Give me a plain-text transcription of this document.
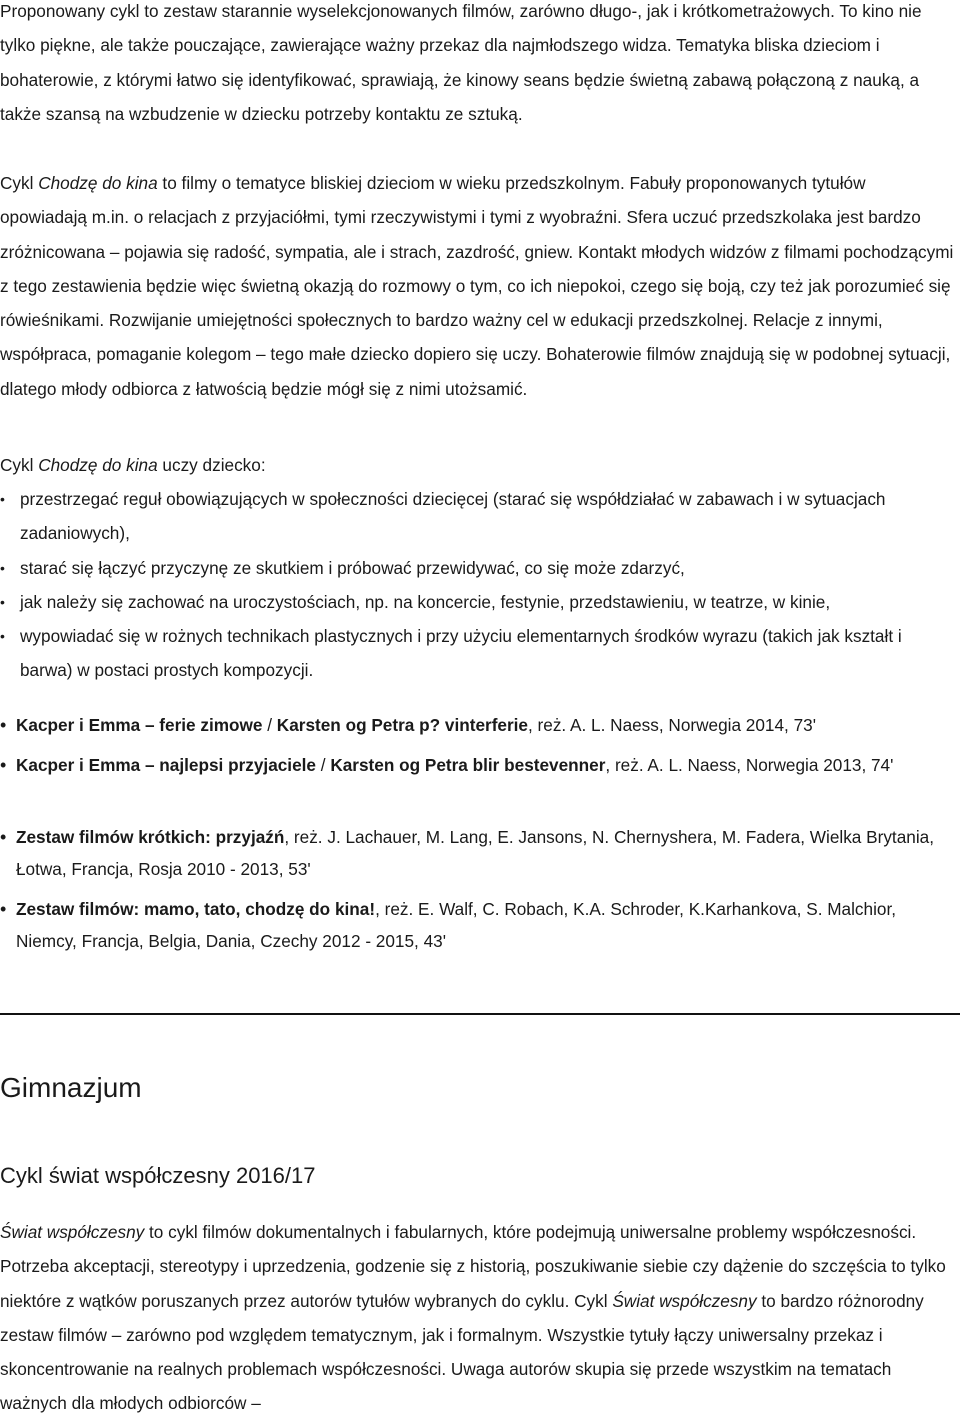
Proponowany cykl to zestaw starannie wyselekcjonowanych filmów, zarówno długo-, jak i krótkometrażowych. To kino nie tylko piękne, ale także pouczające, zawierające ważny przekaz dla najmłodszego widza. Tematyka bliska dzieciom i bohaterowie, z którymi łatwo się identyfikować, sprawiają, że kinowy seans będzie świetną zabawą połączoną z nauką, a także szansą na wzbudzenie w dziecku potrzeby kontaktu ze sztuką.

Cykl Chodzę do kina to filmy o tematyce bliskiej dzieciom w wieku przedszkolnym. Fabuły proponowanych tytułów opowiadają m.in. o relacjach z przyjaciółmi, tymi rzeczywistymi i tymi z wyobraźni. Sfera uczuć przedszkolaka jest bardzo zróżnicowana – pojawia się radość, sympatia, ale i strach, zazdrość, gniew. Kontakt młodych widzów z filmami pochodzącymi z tego zestawienia będzie więc świetną okazją do rozmowy o tym, co ich niepokoi, czego się boją, czy też jak porozumieć się rówieśnikami. Rozwijanie umiejętności społecznych to bardzo ważny cel w edukacji przedszkolnej. Relacje z innymi, współpraca, pomaganie kolegom – tego małe dziecko dopiero się uczy. Bohaterowie filmów znajdują się w podobnej sytuacji, dlatego młody odbiorca z łatwością będzie mógł się z nimi utożsamić.

Cykl Chodzę do kina uczy dziecko:

• przestrzegać reguł obowiązujących w społeczności dziecięcej (starać się współdziałać w zabawach i w sytuacjach zadaniowych),
• starać się łączyć przyczynę ze skutkiem i próbować przewidywać, co się może zdarzyć,
• jak należy się zachować na uroczystościach, np. na koncercie, festynie, przedstawieniu, w teatrze, w kinie,
• wypowiadać się w rożnych technikach plastycznych i przy użyciu elementarnych środków wyrazu (takich jak kształt i barwa) w postaci prostych kompozycji.
• Kacper i Emma – ferie zimowe / Karsten og Petra p? vinterferie, reż. A. L. Naess, Norwegia 2014, 73'
• Kacper i Emma – najlepsi przyjaciele / Karsten og Petra blir bestevenner, reż. A. L. Naess, Norwegia 2013, 74'
• Zestaw filmów krótkich: przyjaźń, reż. J. Lachauer, M. Lang, E. Jansons, N. Chernyshera, M. Fadera, Wielka Brytania, Łotwa, Francja, Rosja 2010 - 2013, 53'
• Zestaw filmów: mamo, tato, chodzę do kina!, reż. E. Walf, C. Robach, K.A. Schroder, K.Karhankova, S. Malchior, Niemcy, Francja, Belgia, Dania, Czechy 2012 - 2015, 43'
Gimnazjum
Cykl świat współczesny 2016/17

Świat współczesny to cykl filmów dokumentalnych i fabularnych, które podejmują uniwersalne problemy współczesności. Potrzeba akceptacji, stereotypy i uprzedzenia, godzenie się z historią, poszukiwanie siebie czy dążenie do szczęścia to tylko niektóre z wątków poruszanych przez autorów tytułów wybranych do cyklu. Cykl Świat współczesny to bardzo różnorodny zestaw filmów – zarówno pod względem tematycznym, jak i formalnym. Wszystkie tytuły łączy uniwersalny przekaz i skoncentrowanie na realnych problemach współczesności. Uwaga autorów skupia się przede wszystkim na tematach ważnych dla młodych odbiorców –
